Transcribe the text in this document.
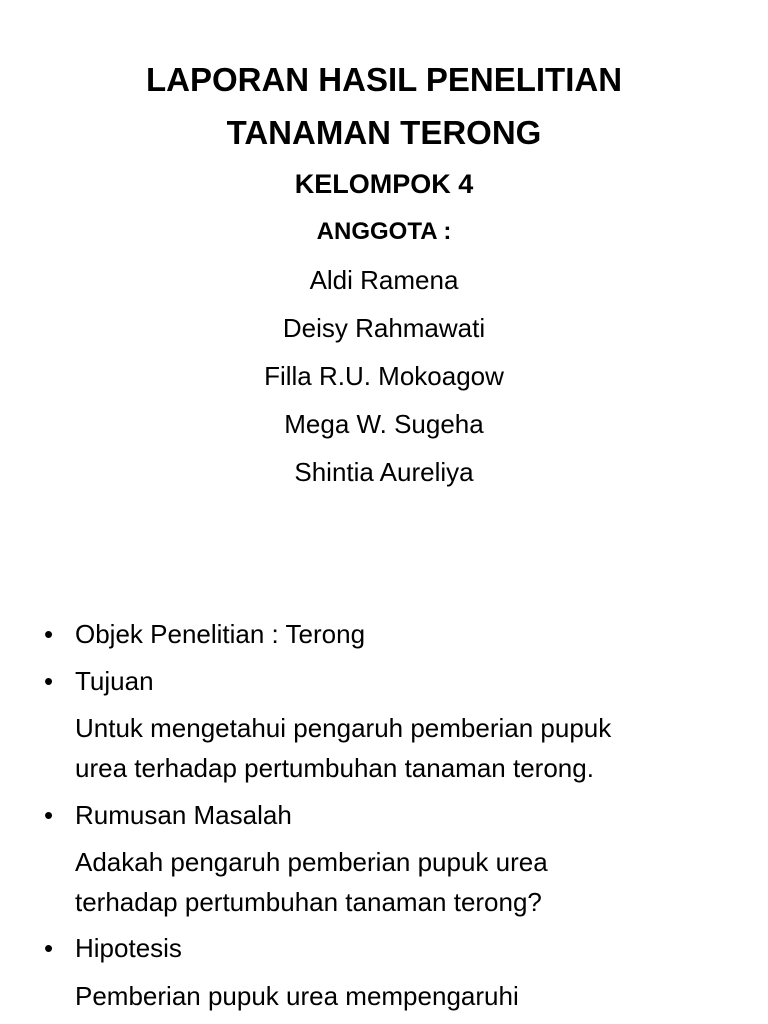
LAPORAN HASIL PENELITIAN
TANAMAN TERONG
KELOMPOK 4
ANGGOTA :
Aldi Ramena
Deisy Rahmawati
Filla R.U. Mokoagow
Mega W. Sugeha
Shintia Aureliya
• Objek Penelitian : Terong
• Tujuan
Untuk mengetahui pengaruh pemberian pupuk
urea terhadap pertumbuhan tanaman terong.
• Rumusan Masalah
Adakah pengaruh pemberian pupuk urea
terhadap pertumbuhan tanaman terong?
• Hipotesis
Pemberian pupuk urea mempengaruhi
